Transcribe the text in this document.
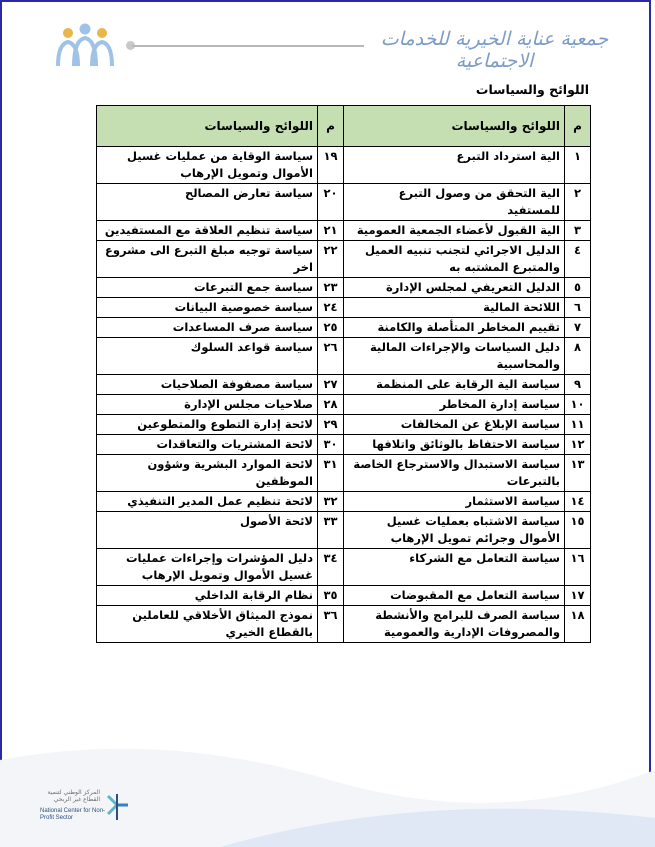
جمعية عناية الخيرية للخدمات الاجتماعية
اللوائح والسياسات
م	اللوائح والسياسات	م	اللوائح والسياسات
١	الية استرداد التبرع	١٩	سياسة الوقاية من عمليات غسيل الأموال وتمويل الإرهاب
٢	الية التحقق من وصول التبرع للمستفيد	٢٠	سياسة تعارض المصالح
٣	الية القبول لأعضاء الجمعية العمومية	٢١	سياسة تنظيم العلاقة مع المستفيدين
٤	الدليل الاجرائي لتجنب تنبيه العميل والمتبرع المشتبه به	٢٢	سياسة توجيه مبلغ التبرع الى مشروع اخر
٥	الدليل التعريفي لمجلس الإدارة	٢٣	سياسة جمع التبرعات
٦	اللائحة المالية	٢٤	سياسة خصوصية البيانات
٧	تقييم المخاطر المتأصلة والكامنة	٢٥	سياسة صرف المساعدات
٨	دليل السياسات والإجراءات المالية والمحاسبية	٢٦	سياسة قواعد السلوك
٩	سياسة الية الرقابة على المنظمة	٢٧	سياسة مصفوفة الصلاحيات
١٠	سياسة إدارة المخاطر	٢٨	صلاحيات مجلس الإدارة
١١	سياسة الإبلاغ عن المخالفات	٢٩	لائحة إدارة التطوع والمتطوعين
١٢	سياسة الاحتفاظ بالوثائق واتلافها	٣٠	لائحة المشتريات والتعاقدات
١٣	سياسة الاستبدال والاسترجاع الخاصة بالتبرعات	٣١	لائحة الموارد البشرية وشؤون الموظفين
١٤	سياسة الاستثمار	٣٢	لائحة تنظيم عمل المدير التنفيذي
١٥	سياسة الاشتباه بعمليات غسيل الأموال وجرائم تمويل الإرهاب	٣٣	لائحة الأصول
١٦	سياسة التعامل مع الشركاء	٣٤	دليل المؤشرات وإجراءات عمليات غسيل الأموال وتمويل الإرهاب
١٧	سياسة التعامل مع المقبوضات	٣٥	نظام الرقابة الداخلي
١٨	سياسة الصرف للبرامج والأنشطة والمصروفات الإدارية والعمومية	٣٦	نموذج الميثاق الأخلاقي للعاملين بالقطاع الخيري
المركز الوطني لتنمية القطاع غير الربحي
National Center for Non-Profit Sector
